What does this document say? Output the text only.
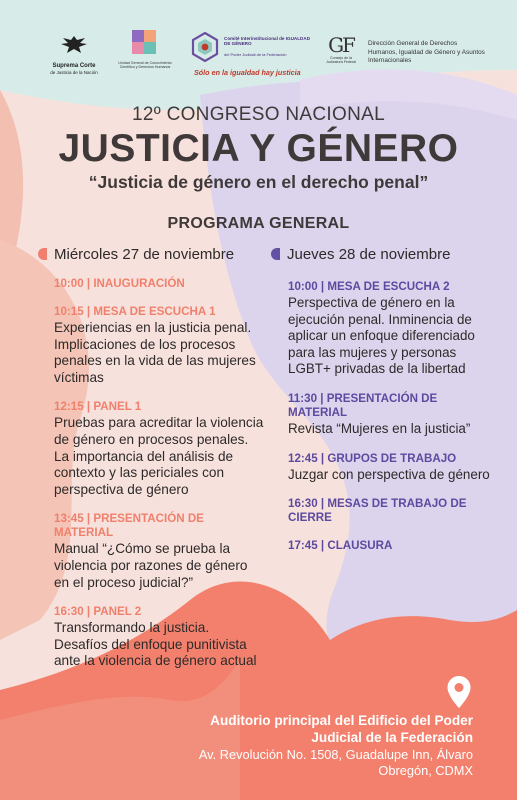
Suprema Corte
de Justicia de la Nación
Unidad General de Conocimiento Científico y Derechos Humanos
Comité Interinstitucional de IGUALDAD DE GÉNERO
del Poder Judicial de la Federación
Sólo en la igualdad hay justicia
GF
Consejo de la Judicatura Federal
Dirección General de Derechos Humanos, Igualdad de Género y Asuntos Internacionales
12º CONGRESO NACIONAL
JUSTICIA Y GÉNERO
“Justicia de género en el derecho penal”
PROGRAMA GENERAL
Miércoles 27 de noviembre	Jueves 28 de noviembre
10:00 | INAUGURACIÓN
10:15 | MESA DE ESCUCHA 1
Experiencias en la justicia penal. Implicaciones de los procesos penales en la vida de las mujeres víctimas
12:15 | PANEL 1
Pruebas para acreditar la violencia de género en procesos penales. La importancia del análisis de contexto y las periciales con perspectiva de género
13:45 | PRESENTACIÓN DE MATERIAL
Manual “¿Cómo se prueba la violencia por razones de género en el proceso judicial?”
16:30 | PANEL 2
Transformando la justicia. Desafíos del enfoque punitivista ante la violencia de género actual
10:00 | MESA DE ESCUCHA 2
Perspectiva de género en la ejecución penal. Inminencia de aplicar un enfoque diferenciado para las mujeres y personas LGBT+ privadas de la libertad
11:30 | PRESENTACIÓN DE MATERIAL
Revista “Mujeres en la justicia”
12:45 | GRUPOS DE TRABAJO
Juzgar con perspectiva de género
16:30 | MESAS DE TRABAJO DE CIERRE
17:45 | CLAUSURA
Auditorio principal del Edificio del Poder Judicial de la Federación
Av. Revolución No. 1508, Guadalupe Inn, Álvaro Obregón, CDMX
